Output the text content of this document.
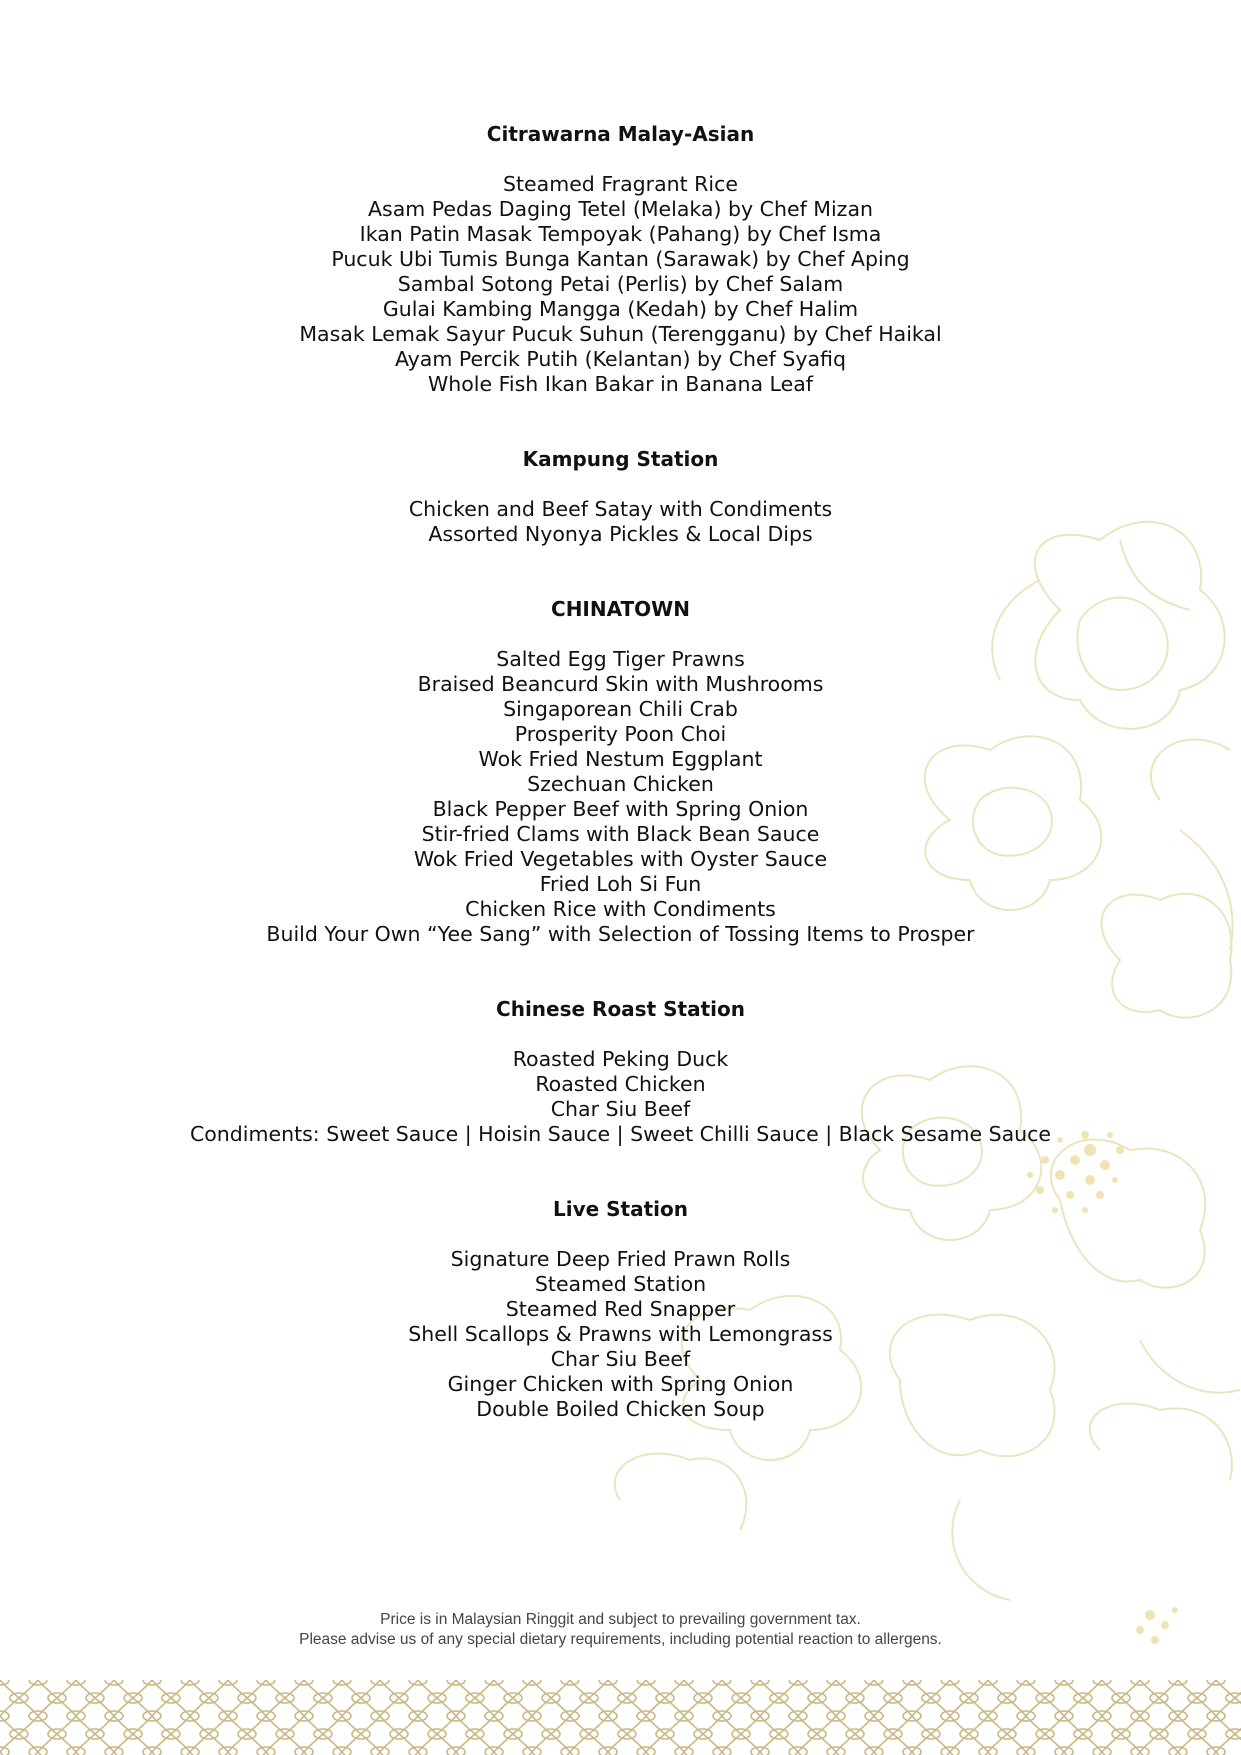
Citrawarna Malay-Asian
Steamed Fragrant Rice
Asam Pedas Daging Tetel (Melaka) by Chef Mizan
Ikan Patin Masak Tempoyak (Pahang) by Chef Isma
Pucuk Ubi Tumis Bunga Kantan (Sarawak) by Chef Aping
Sambal Sotong Petai (Perlis) by Chef Salam
Gulai Kambing Mangga (Kedah) by Chef Halim
Masak Lemak Sayur Pucuk Suhun (Terengganu) by Chef Haikal
Ayam Percik Putih (Kelantan) by Chef Syafiq
Whole Fish Ikan Bakar in Banana Leaf
Kampung Station
Chicken and Beef Satay with Condiments
Assorted Nyonya Pickles & Local Dips
CHINATOWN
Salted Egg Tiger Prawns
Braised Beancurd Skin with Mushrooms
Singaporean Chili Crab
Prosperity Poon Choi
Wok Fried Nestum Eggplant
Szechuan Chicken
Black Pepper Beef with Spring Onion
Stir-fried Clams with Black Bean Sauce
Wok Fried Vegetables with Oyster Sauce
Fried Loh Si Fun
Chicken Rice with Condiments
Build Your Own “Yee Sang” with Selection of Tossing Items to Prosper
Chinese Roast Station
Roasted Peking Duck
Roasted Chicken
Char Siu Beef
Condiments: Sweet Sauce | Hoisin Sauce | Sweet Chilli Sauce | Black Sesame Sauce
Live Station
Signature Deep Fried Prawn Rolls
Steamed Station
Steamed Red Snapper
Shell Scallops & Prawns with Lemongrass
Char Siu Beef
Ginger Chicken with Spring Onion
Double Boiled Chicken Soup
Price is in Malaysian Ringgit and subject to prevailing government tax.
Please advise us of any special dietary requirements, including potential reaction to allergens.
